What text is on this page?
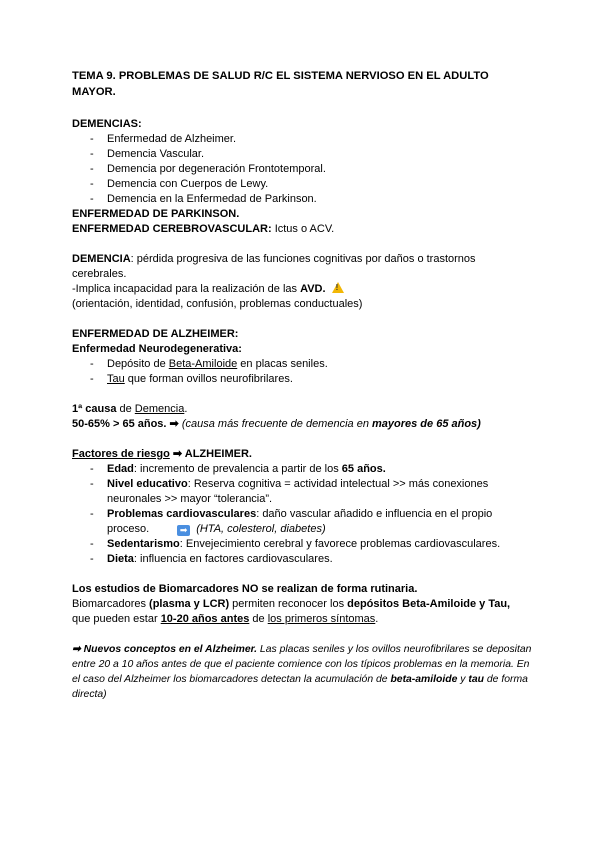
TEMA 9. PROBLEMAS DE SALUD R/C EL SISTEMA NERVIOSO EN EL ADULTO
MAYOR.

DEMENCIAS:

- Enfermedad de Alzheimer.
- Demencia Vascular.
- Demencia por degeneración Frontotemporal.
- Demencia con Cuerpos de Lewy.
- Demencia en la Enfermedad de Parkinson.

ENFERMEDAD DE PARKINSON.

ENFERMEDAD CEREBROVASCULAR: Ictus o ACV.

DEMENCIA: pérdida progresiva de las funciones cognitivas por daños o trastornos cerebrales.

-Implica incapacidad para la realización de las AVD. !

(orientación, identidad, confusión, problemas conductuales)

ENFERMEDAD DE ALZHEIMER:

Enfermedad Neurodegenerativa:

- Depósito de Beta-Amiloide en placas seniles.
- Tau que forman ovillos neurofibrilares.

1ª causa de Demencia.

50-65% > 65 años. ➡ (causa más frecuente de demencia en mayores de 65 años)

Factores de riesgo ➡ ALZHEIMER.

- Edad: incremento de prevalencia a partir de los 65 años.
- Nivel educativo: Reserva cognitiva = actividad intelectual >> más conexiones neuronales >> mayor “tolerancia”.
- Problemas cardiovasculares: daño vascular añadido e influencia en el propio proceso.	➡ (HTA, colesterol, diabetes)
- Sedentarismo: Envejecimiento cerebral y favorece problemas cardiovasculares.
- Dieta: influencia en factores cardiovasculares.

Los estudios de Biomarcadores NO se realizan de forma rutinaria.

Biomarcadores (plasma y LCR) permiten reconocer los depósitos Beta-Amiloide y Tau,

que pueden estar 10-20 años antes de los primeros síntomas.

➡ Nuevos conceptos en el Alzheimer. Las placas seniles y los ovillos neurofibrilares se depositan entre 20 a 10 años antes de que el paciente comience con los típicos problemas en la memoria. En el caso del Alzheimer los biomarcadores detectan la acumulación de beta-amiloide y tau de forma directa)
